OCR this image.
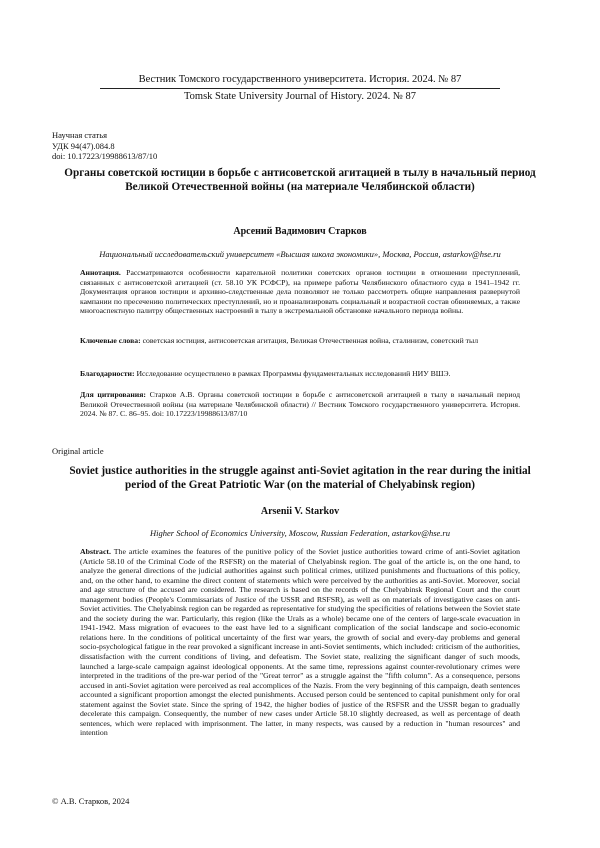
Вестник Томского государственного университета. История. 2024. № 87
Tomsk State University Journal of History. 2024. № 87
Научная статья
УДК 94(47).084.8
doi: 10.17223/19988613/87/10
Органы советской юстиции в борьбе с антисоветской агитацией в тылу в начальный период Великой Отечественной войны (на материале Челябинской области)
Арсений Вадимович Старков
Национальный исследовательский университет «Высшая школа экономики», Москва, Россия, astarkov@hse.ru
Аннотация. Рассматриваются особенности карательной политики советских органов юстиции в отношении преступлений, связанных с антисоветской агитацией (ст. 58.10 УК РСФСР), на примере работы Челябинского областного суда в 1941–1942 гг. Документация органов юстиции и архивно-следственные дела позволяют не только рассмотреть общие направления развернутой кампании по пресечению политических преступлений, но и проанализировать социальный и возрастной состав обвиняемых, а также многоаспектную палитру общественных настроений в тылу в экстремальной обстановке начального периода войны.
Ключевые слова: советская юстиция, антисоветская агитация, Великая Отечественная война, сталинизм, советский тыл
Благодарности: Исследование осуществлено в рамках Программы фундаментальных исследований НИУ ВШЭ.
Для цитирования: Старков А.В. Органы советской юстиции в борьбе с антисоветской агитацией в тылу в начальный период Великой Отечественной войны (на материале Челябинской области) // Вестник Томского государственного университета. История. 2024. № 87. С. 86–95. doi: 10.17223/19988613/87/10
Original article
Soviet justice authorities in the struggle against anti-Soviet agitation in the rear during the initial period of the Great Patriotic War (on the material of Chelyabinsk region)
Arsenii V. Starkov
Higher School of Economics University, Moscow, Russian Federation, astarkov@hse.ru
Abstract. The article examines the features of the punitive policy of the Soviet justice authorities toward crime of anti-Soviet agitation (Article 58.10 of the Criminal Code of the RSFSR) on the material of Chelyabinsk region. The goal of the article is, on the one hand, to analyze the general directions of the judicial authorities against such political crimes, utilized punishments and fluctuations of this policy, and, on the other hand, to examine the direct content of statements which were perceived by the authorities as anti-Soviet. Moreover, social and age structure of the accused are considered. The research is based on the records of the Chelyabinsk Regional Court and the court management bodies (People's Commissariats of Justice of the USSR and RSFSR), as well as on materials of investigative cases on anti-Soviet activities. The Chelyabinsk region can be regarded as representative for studying the specificities of relations between the Soviet state and the society during the war. Particularly, this region (like the Urals as a whole) became one of the centers of large-scale evacuation in 1941-1942. Mass migration of evacuees to the east have led to a significant complication of the social landscape and socio-economic relations here. In the conditions of political uncertainty of the first war years, the growth of social and every-day problems and general socio-psychological fatigue in the rear provoked a significant increase in anti-Soviet sentiments, which included: criticism of the authorities, dissatisfaction with the current conditions of living, and defeatism. The Soviet state, realizing the significant danger of such moods, launched a large-scale campaign against ideological opponents. At the same time, repressions against counter-revolutionary crimes were interpreted in the traditions of the pre-war period of the "Great terror" as a struggle against the "fifth column". As a consequence, persons accused in anti-Soviet agitation were perceived as real accomplices of the Nazis. From the very beginning of this campaign, death sentences accounted a significant proportion amongst the elected punishments. Accused person could be sentenced to capital punishment only for oral statement against the Soviet state. Since the spring of 1942, the higher bodies of justice of the RSFSR and the USSR began to gradually decelerate this campaign. Consequently, the number of new cases under Article 58.10 slightly decreased, as well as percentage of death sentences, which were replaced with imprisonment. The latter, in many respects, was caused by a reduction in "human resources" and intention
© А.В. Старков, 2024
